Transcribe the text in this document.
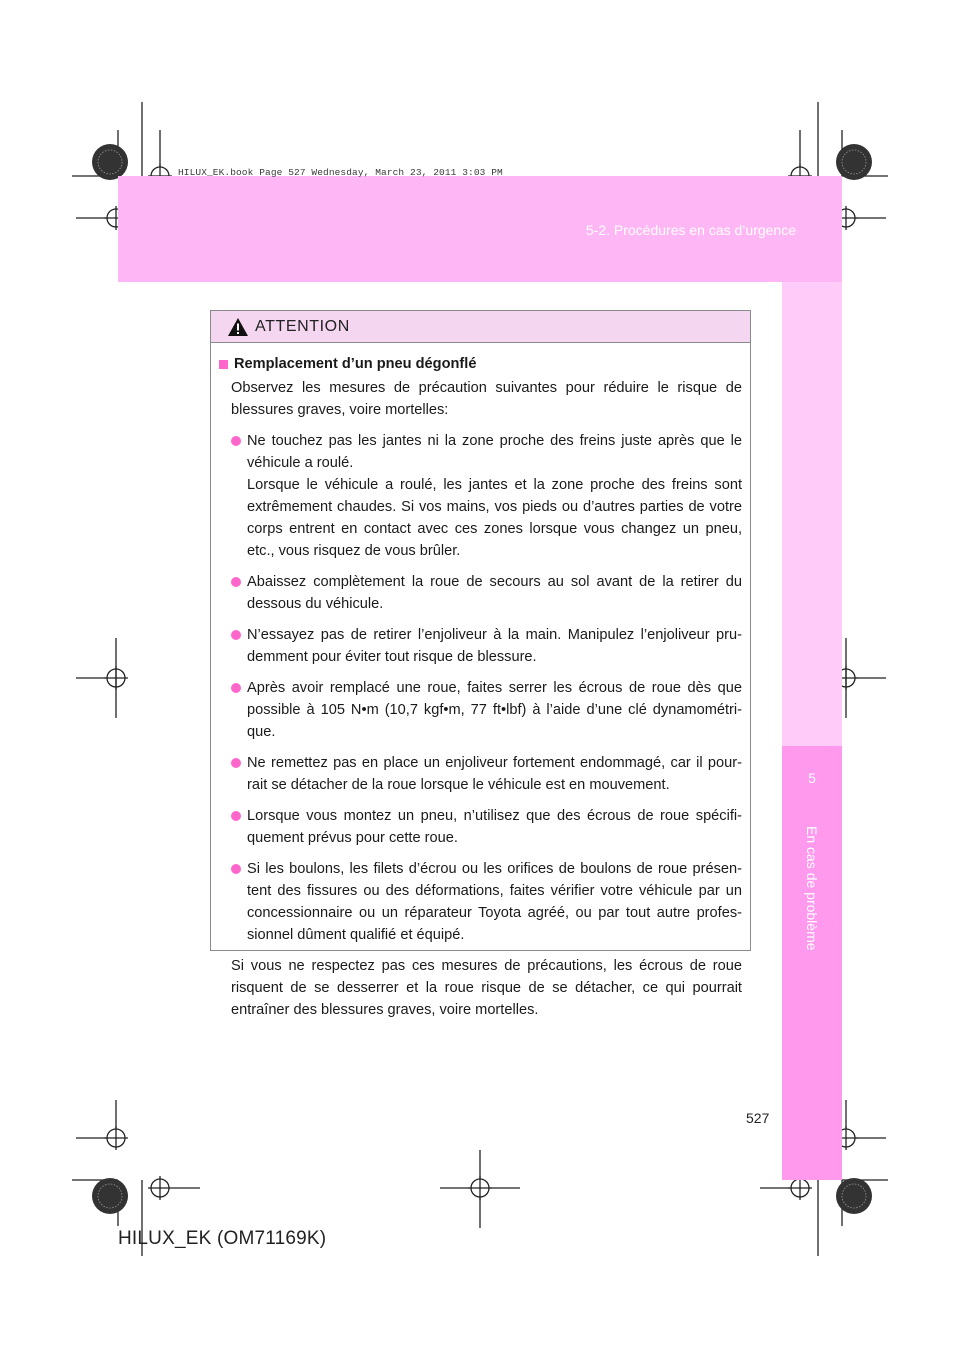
HILUX_EK.book Page 527 Wednesday, March 23, 2011 3:03 PM
5-2. Procédures en cas d’urgence
5
En cas de problème
ATTENTION
Remplacement d’un pneu dégonflé

Observez les mesures de précaution suivantes pour réduire le risque de blessures graves, voire mortelles:

Ne touchez pas les jantes ni la zone proche des freins juste après que le véhicule a roulé.

Lorsque le véhicule a roulé, les jantes et la zone proche des freins sont extrêmement chaudes. Si vos mains, vos pieds ou d’autres parties de votre corps entrent en contact avec ces zones lorsque vous changez un pneu, etc., vous risquez de vous brûler.

Abaissez complètement la roue de secours au sol avant de la retirer du dessous du véhicule.
N’essayez pas de retirer l’enjoliveur à la main. Manipulez l’enjoliveur pru-demment pour éviter tout risque de blessure.
Après avoir remplacé une roue, faites serrer les écrous de roue dès que possible à 105 N•m (10,7 kgf•m, 77 ft•lbf) à l’aide d’une clé dynamométri-que.
Ne remettez pas en place un enjoliveur fortement endommagé, car il pour-rait se détacher de la roue lorsque le véhicule est en mouvement.
Lorsque vous montez un pneu, n’utilisez que des écrous de roue spécifi-quement prévus pour cette roue.
Si les boulons, les filets d’écrou ou les orifices de boulons de roue présen-tent des fissures ou des déformations, faites vérifier votre véhicule par un concessionnaire ou un réparateur Toyota agréé, ou par tout autre profes-sionnel dûment qualifié et équipé.

Si vous ne respectez pas ces mesures de précautions, les écrous de roue risquent de se desserrer et la roue risque de se détacher, ce qui pourrait entraîner des blessures graves, voire mortelles.

527
HILUX_EK (OM71169K)
